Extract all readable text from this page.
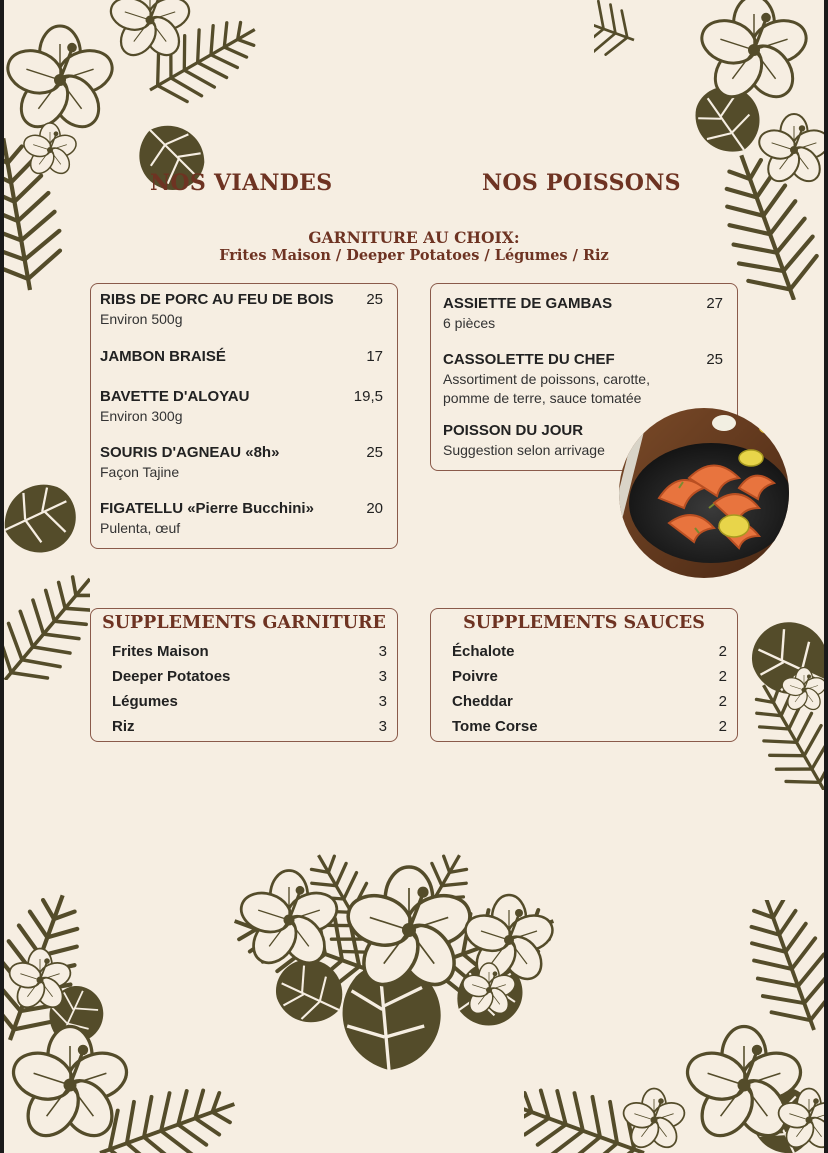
NOS VIANDES	NOS POISSONS
GARNITURE AU CHOIX:
Frites Maison / Deeper Potatoes / Légumes / Riz
RIBS DE PORC AU FEU DE BOIS
Environ 500g
25
JAMBON BRAISÉ	17
BAVETTE D'ALOYAU
Environ 300g
19,5
SOURIS D'AGNEAU «8h»
Façon Tajine
25
FIGATELLU «Pierre Bucchini»
Pulenta, œuf
20
ASSIETTE DE GAMBAS
6 pièces
27
CASSOLETTE DU CHEF
Assortiment de poissons, carotte,
pomme de terre, sauce tomatée
25
POISSON DU JOUR
Suggestion selon arrivage
SUPPLEMENTS GARNITURE
Frites Maison	3
Deeper Potatoes	3
Légumes	3
Riz	3
SUPPLEMENTS SAUCES
Échalote	2
Poivre	2
Cheddar	2
Tome Corse	2
